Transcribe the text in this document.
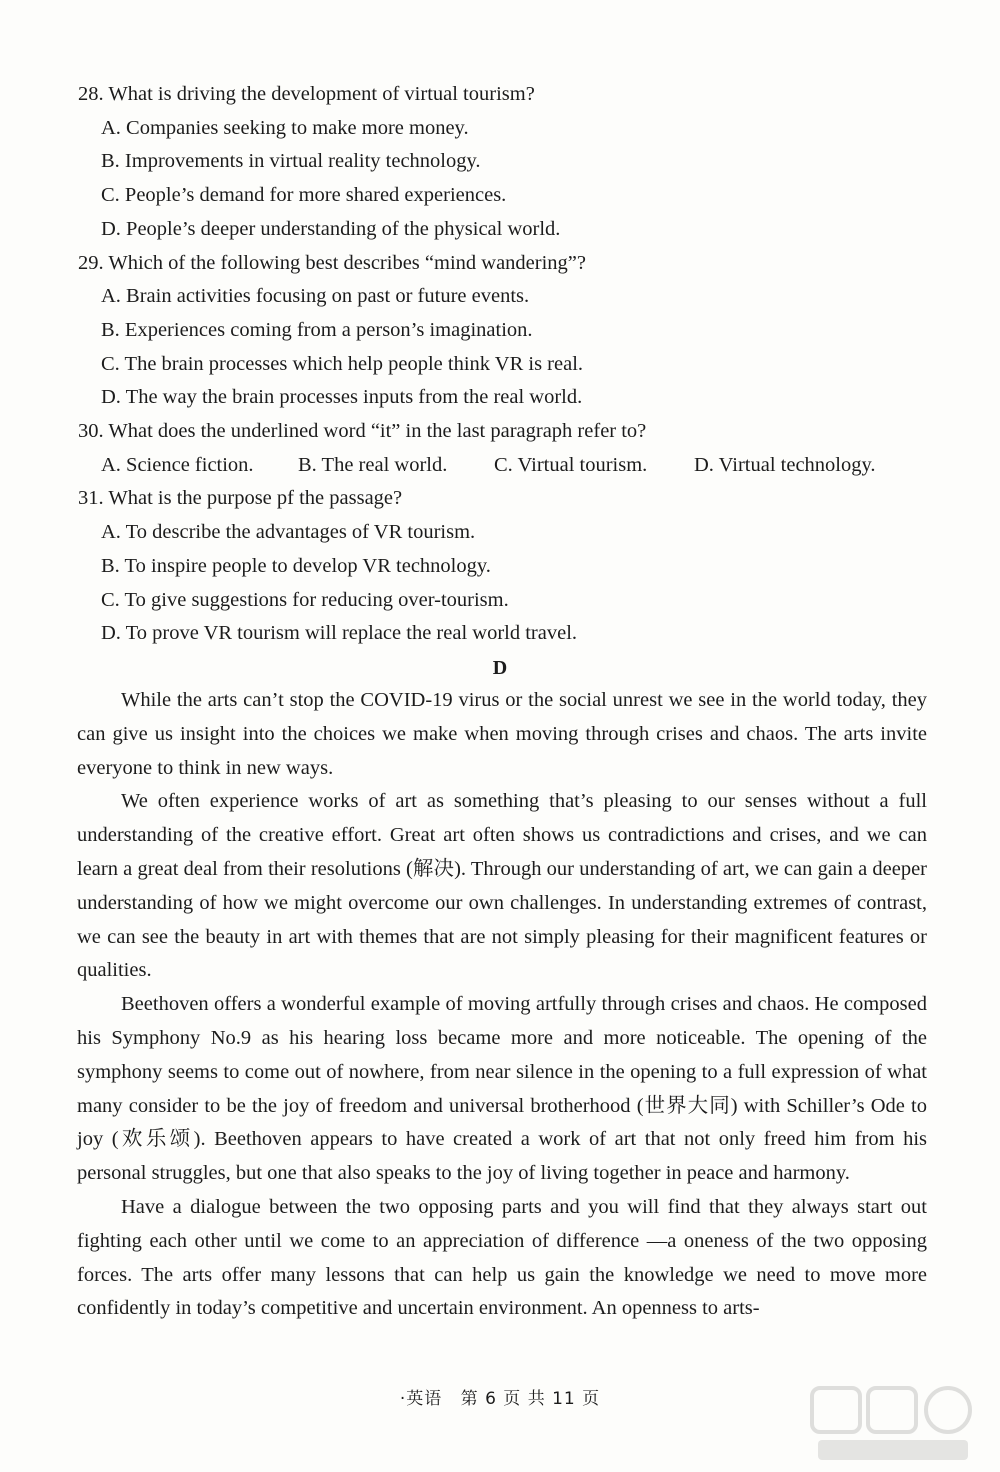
28. What is driving the development of virtual tourism?
A. Companies seeking to make more money.
B. Improvements in virtual reality technology.
C. People’s demand for more shared experiences.
D. People’s deeper understanding of the physical world.
29. Which of the following best describes “mind wandering”?
A. Brain activities focusing on past or future events.
B. Experiences coming from a person’s imagination.
C. The brain processes which help people think VR is real.
D. The way the brain processes inputs from the real world.
30. What does the underlined word “it” in the last paragraph refer to?
A. Science fiction.	B. The real world.	C. Virtual tourism.	D. Virtual technology.
31. What is the purpose pf the passage?
A. To describe the advantages of VR tourism.
B. To inspire people to develop VR technology.
C. To give suggestions for reducing over-tourism.
D. To prove VR tourism will replace the real world travel.
D

While the arts can’t stop the COVID-19 virus or the social unrest we see in the world today, they can give us insight into the choices we make when moving through crises and chaos. The arts invite everyone to think in new ways.

We often experience works of art as something that’s pleasing to our senses without a full understanding of the creative effort. Great art often shows us contradictions and crises, and we can learn a great deal from their resolutions (解决). Through our understanding of art, we can gain a deeper understanding of how we might overcome our own challenges. In understanding extremes of contrast, we can see the beauty in art with themes that are not simply pleasing for their magnificent features or qualities.

Beethoven offers a wonderful example of moving artfully through crises and chaos. He composed his Symphony No.9 as his hearing loss became more and more noticeable. The opening of the symphony seems to come out of nowhere, from near silence in the opening to a full expression of what many consider to be the joy of freedom and universal brotherhood (世界大同) with Schiller’s Ode to joy (欢乐颂). Beethoven appears to have created a work of art that not only freed him from his personal struggles, but one that also speaks to the joy of living together in peace and harmony.

Have a dialogue between the two opposing parts and you will find that they always start out fighting each other until we come to an appreciation of difference —a oneness of the two opposing forces. The arts offer many lessons that can help us gain the knowledge we need to move more confidently in today’s competitive and uncertain environment. An openness to arts-

·英语 第 6 页 共 11 页
